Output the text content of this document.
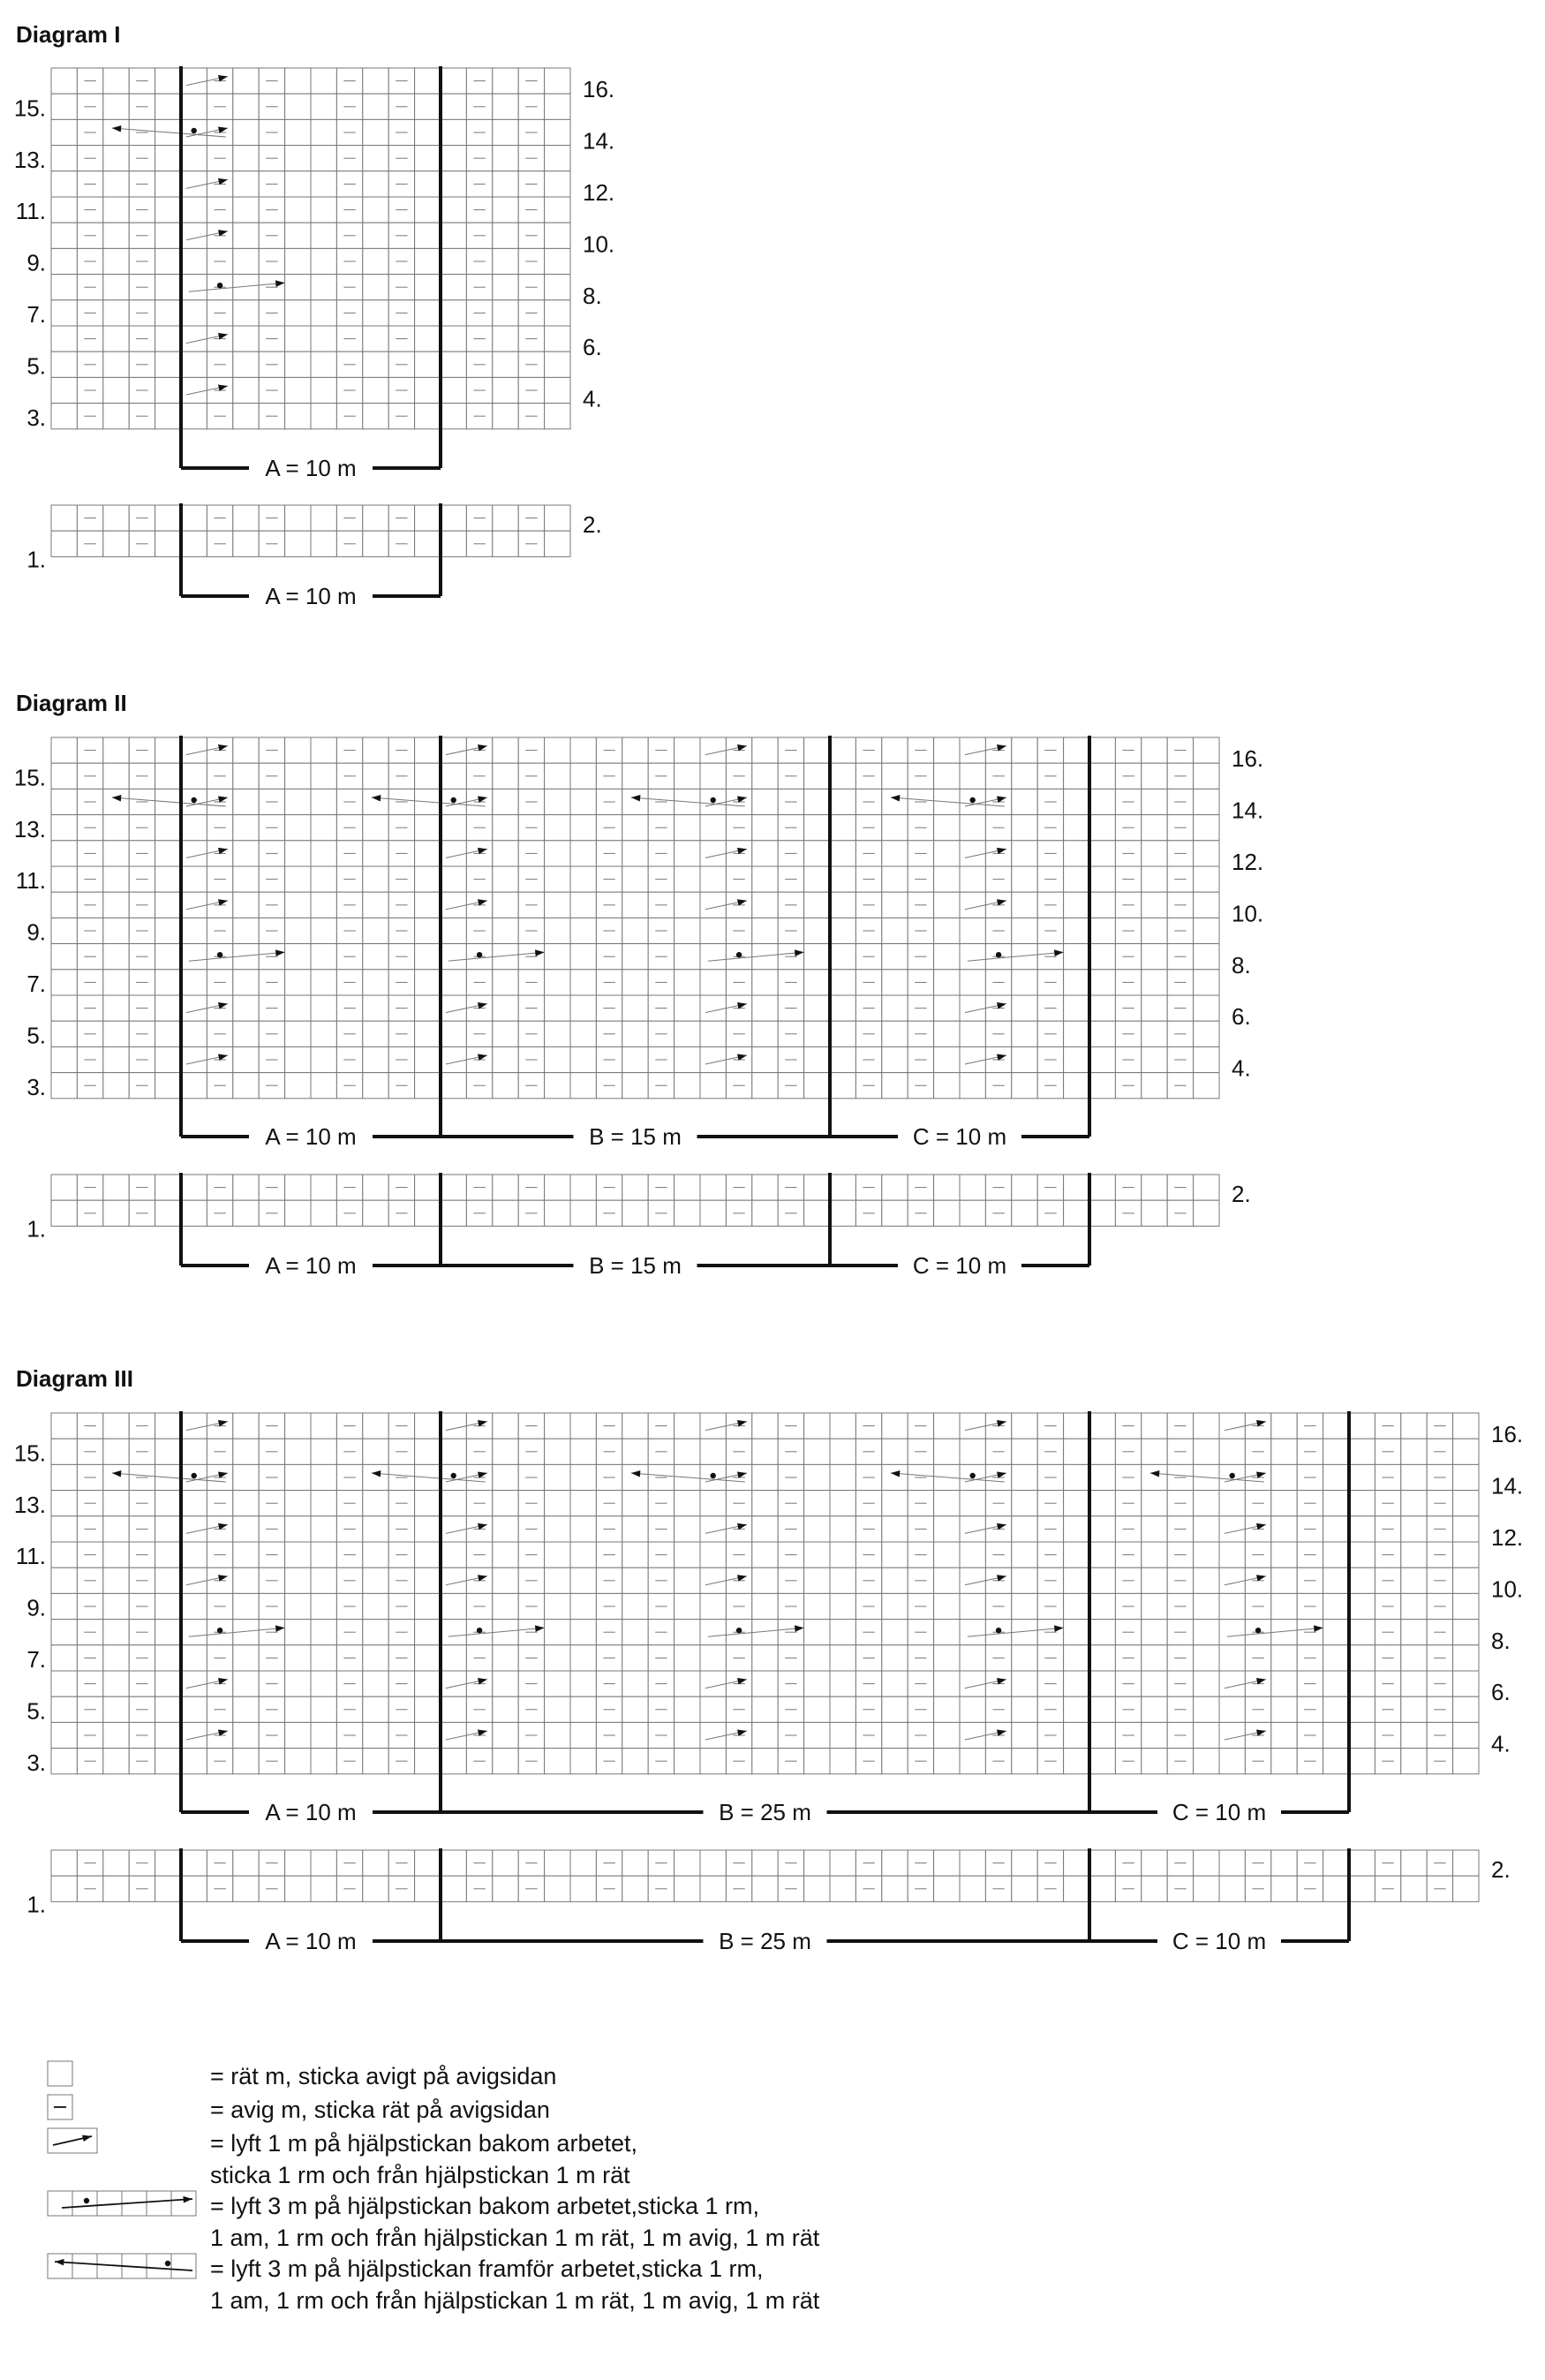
Diagram I
15.
13.
11.
9.
7.
5.
3.
16.
14.
12.
10.
8.
6.
4.
A = 10 m
A = 10 m
1.
2.
Diagram II
15.
13.
11.
9.
7.
5.
3.
16.
14.
12.
10.
8.
6.
4.
A = 10 m	B = 15 m	C = 10 m
A = 10 m	B = 15 m	C = 10 m
1.
2.
Diagram III
15.
13.
11.
9.
7.
5.
3.
16.
14.
12.
10.
8.
6.
4.
A = 10 m	B = 25 m	C = 10 m
A = 10 m	B = 25 m	C = 10 m
1.
2.
= rät m, sticka avigt på avigsidan
= avig m, sticka rät på avigsidan
= lyft 1 m på hjälpstickan bakom arbetet,
sticka 1 rm och från hjälpstickan 1 m rät
= lyft 3 m på hjälpstickan bakom arbetet,sticka 1 rm,
1 am, 1 rm och från hjälpstickan 1 m rät, 1 m avig, 1 m rät
= lyft 3 m på hjälpstickan framför arbetet,sticka 1 rm,
1 am, 1 rm och från hjälpstickan 1 m rät, 1 m avig, 1 m rät
